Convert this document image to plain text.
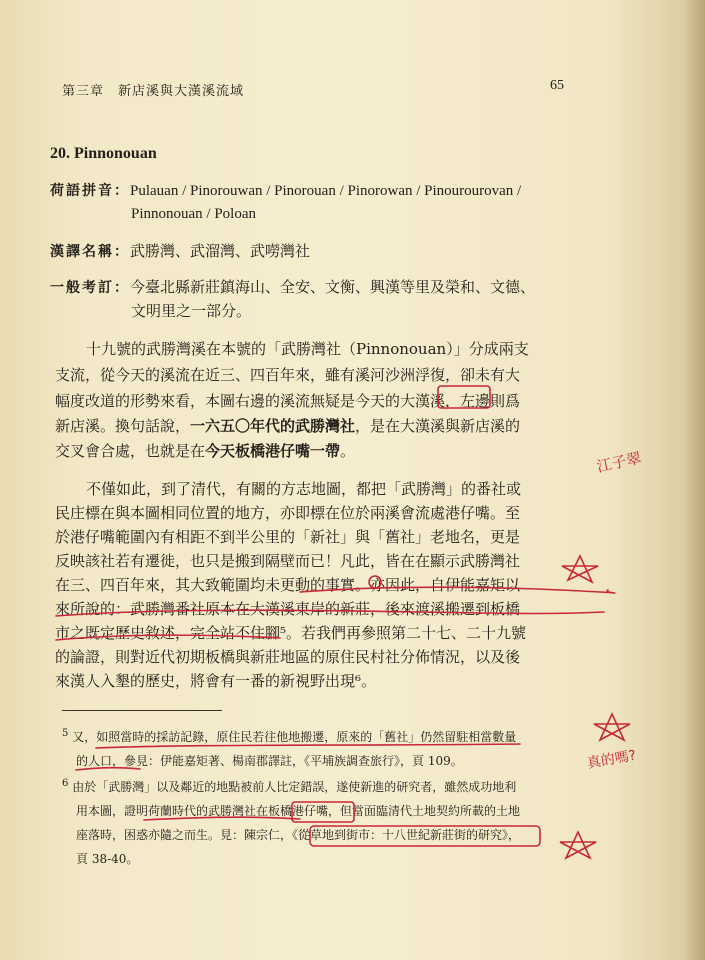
第三章　新店溪與大漢溪流域	65
20. Pinnonouan
荷語拼音：Pulauan / Pinorouwan / Pinorouan / Pinorowan / Pinourourovan /
Pinnonouan / Poloan
漢譯名稱：武勝灣、武溜灣、武嘮灣社
一般考訂：今臺北縣新莊鎮海山、全安、文衡、興漢等里及榮和、文德、
文明里之一部分。
十九號的武勝灣溪在本號的「武勝灣社（Pinnonouan）」分成兩支
支流，從今天的溪流在近三、四百年來，雖有溪河沙洲浮復，卻未有大
幅度改道的形勢來看，本圖右邊的溪流無疑是今天的大漢溪，左邊則爲
新店溪。換句話說，一六五〇年代的武勝灣社，是在大漢溪與新店溪的
交叉會合處，也就是在今天板橋港仔嘴一帶。
不僅如此，到了清代，有關的方志地圖，都把「武勝灣」的番社或
民庄標在與本圖相同位置的地方，亦即標在位於兩溪會流處港仔嘴。至
於港仔嘴範圍內有相距不到半公里的「新社」與「舊社」老地名，更是
反映該社若有遷徙，也只是搬到隔壁而已！凡此，皆在在顯示武勝灣社
在三、四百年來，其大致範圍均未更動的事實。亦因此，自伊能嘉矩以
來所說的：武勝灣番社原本在大漢溪東岸的新莊，後來渡溪搬遷到板橋
市之既定歷史敘述，完全站不住腳⁵。若我們再參照第二十七、二十九號
的論證，則對近代初期板橋與新莊地區的原住民村社分佈情況，以及後
來漢人入墾的歷史，將會有一番的新視野出現⁶。
$^5$ 又，如照當時的採訪記錄，原住民若往他地搬遷，原來的「舊社」仍然留駐相當數量
的人口，參見：伊能嘉矩著、楊南郡譯註，《平埔族調查旅行》，頁 109。
$^6$ 由於「武勝灣」以及鄰近的地點被前人比定錯誤，遂使新進的研究者，雖然成功地利
用本圖，證明荷蘭時代的武勝灣社在板橋港仔嘴，但當面臨清代土地契約所載的土地
座落時，困惑亦隨之而生。見：陳宗仁，《從草地到街市：十八世紀新莊街的研究》，
頁 38-40。
江子翠
真的嗎?
